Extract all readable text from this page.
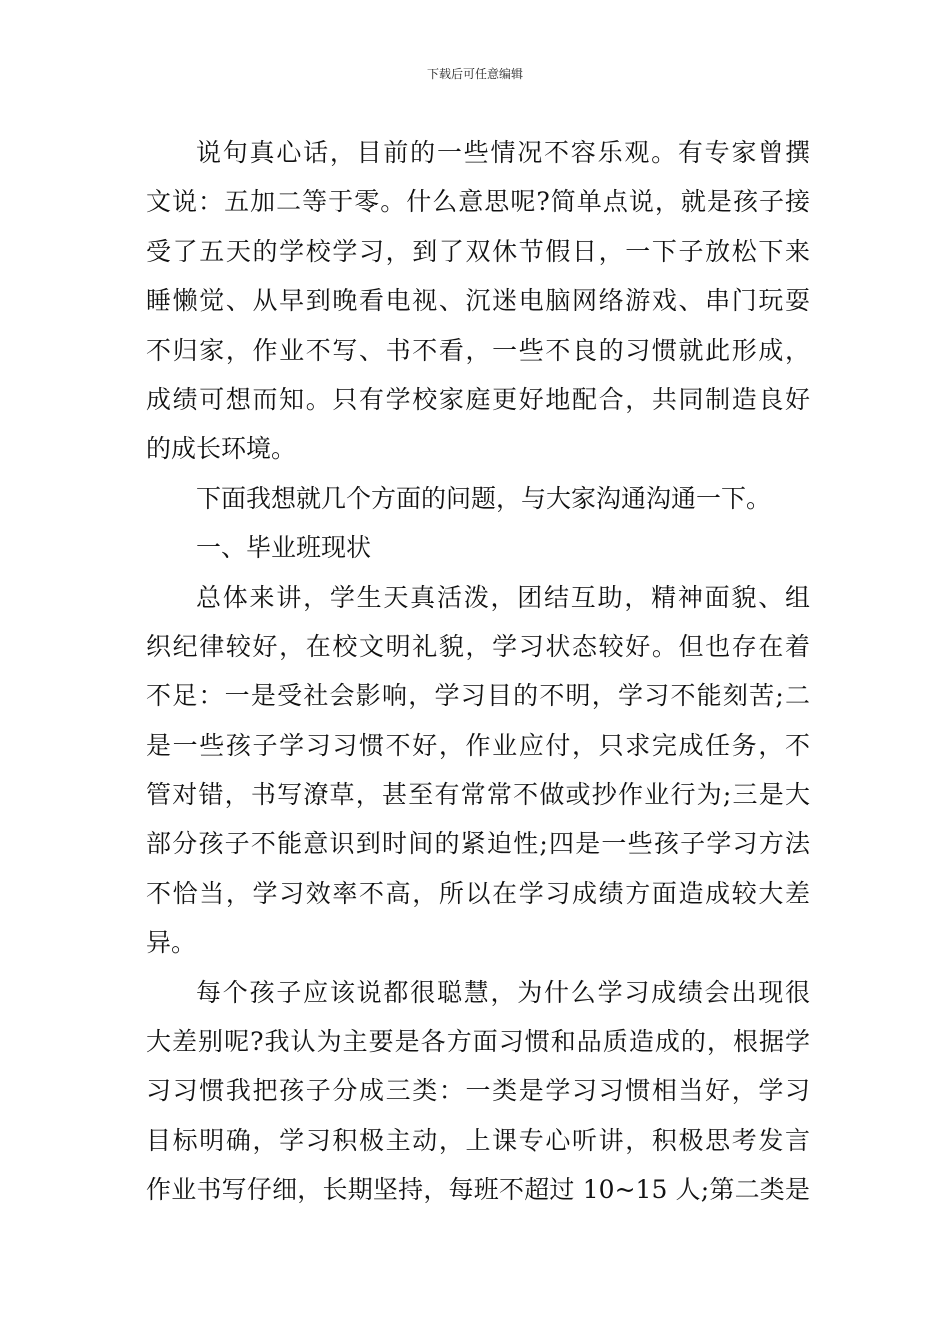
下载后可任意编辑
说句真心话，目前的一些情况不容乐观。有专家曾撰
文说：五加二等于零。什么意思呢?简单点说，就是孩子接
受了五天的学校学习，到了双休节假日，一下子放松下来
睡懒觉、从早到晚看电视、沉迷电脑网络游戏、串门玩耍
不归家，作业不写、书不看，一些不良的习惯就此形成，
成绩可想而知。只有学校家庭更好地配合，共同制造良好
的成长环境。
下面我想就几个方面的问题，与大家沟通沟通一下。
一、毕业班现状
总体来讲，学生天真活泼，团结互助，精神面貌、组
织纪律较好，在校文明礼貌，学习状态较好。但也存在着
不足：一是受社会影响，学习目的不明，学习不能刻苦;二
是一些孩子学习习惯不好，作业应付，只求完成任务，不
管对错，书写潦草，甚至有常常不做或抄作业行为;三是大
部分孩子不能意识到时间的紧迫性;四是一些孩子学习方法
不恰当，学习效率不高，所以在学习成绩方面造成较大差
异。
每个孩子应该说都很聪慧，为什么学习成绩会出现很
大差别呢?我认为主要是各方面习惯和品质造成的，根据学
习习惯我把孩子分成三类：一类是学习习惯相当好，学习
目标明确，学习积极主动，上课专心听讲，积极思考发言
作业书写仔细，长期坚持，每班不超过 10~15 人;第二类是
